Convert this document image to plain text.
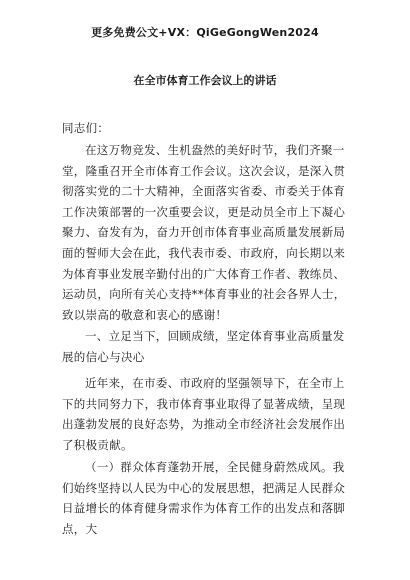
更多免费公文+VX：QiGeGongWen2024
在全市体育工作会议上的讲话
同志们：

在这万物竞发、生机盎然的美好时节，我们齐聚一堂，隆重召开全市体育工作会议。这次会议，是深入贯彻落实党的二十大精神，全面落实省委、市委关于体育工作决策部署的一次重要会议，更是动员全市上下凝心聚力、奋发有为，奋力开创市体育事业高质量发展新局面的誓师大会在此，我代表市委、市政府，向长期以来为体育事业发展辛勤付出的广大体育工作者、教练员、运动员，向所有关心支持**体育事业的社会各界人士，致以崇高的敬意和衷心的感谢！

一、立足当下，回顾成绩，坚定体育事业高质量发展的信心与决心

近年来，在市委、市政府的坚强领导下，在全市上下的共同努力下，我市体育事业取得了显著成绩，呈现出蓬勃发展的良好态势，为推动全市经济社会发展作出了积极贡献。

（一）群众体育蓬勃开展，全民健身蔚然成风。我们始终坚持以人民为中心的发展思想，把满足人民群众日益增长的体育健身需求作为体育工作的出发点和落脚点，大
